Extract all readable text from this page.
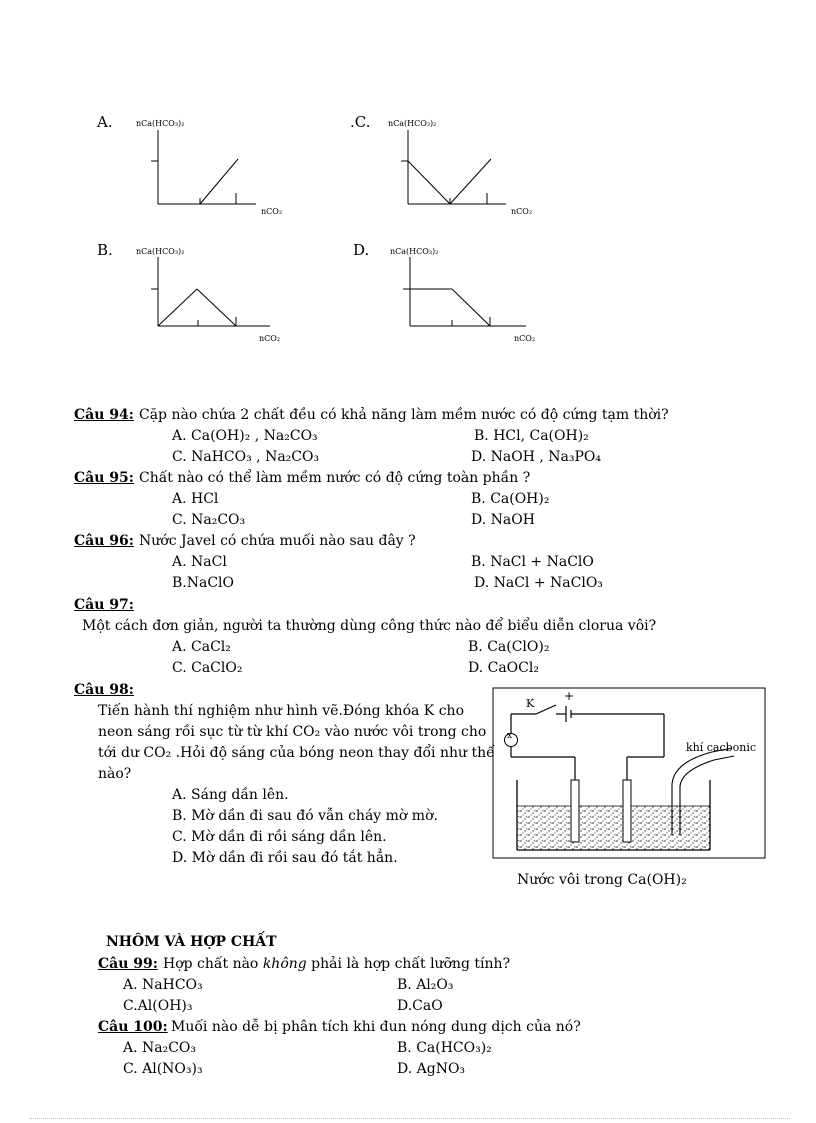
A.	nCa(HCO₃)₂
nCO₂
.C. nCa(HCO₃)₂
nCO₂
B.	nCa(HCO₃)₂
nCO₂
D.	nCa(HCO₃)₂
nCO₂
Câu 94: Cặp nào chứa 2 chất đều có khả năng làm mềm nước có độ cứng tạm thời?
A. Ca(OH)₂ , Na₂CO₃	B. HCl, Ca(OH)₂
C. NaHCO₃ , Na₂CO₃	D. NaOH , Na₃PO₄
Câu 95: Chất nào có thể làm mềm nước có độ cứng toàn phần ?
A. HCl	B. Ca(OH)₂
C. Na₂CO₃	D. NaOH
Câu 96: Nước Javel có chứa muối nào sau đây ?
A. NaCl	B. NaCl + NaClO
B.NaClO	D. NaCl + NaClO₃
Câu 97:
Một cách đơn giản, người ta thường dùng công thức nào để biểu diễn clorua vôi?
A. CaCl₂	B. Ca(ClO)₂
C. CaClO₂	D. CaOCl₂
Câu 98:
Tiến hành thí nghiệm như hình vẽ.Đóng khóa K cho
neon sáng rồi sục từ từ khí CO₂ vào nước vôi trong cho
tới dư CO₂ .Hỏi độ sáng của bóng neon thay đổi như thế
nào?
A. Sáng dần lên.
B. Mờ dần đi sau đó vẫn cháy mờ mờ.
C. Mờ dần đi rồi sáng dần lên.
D. Mờ dần đi rồi sau đó tắt hẳn.
K
+
x
khí cacbonic
Nước vôi trong Ca(OH)₂
NHÔM VÀ HỢP CHẤT
Câu 99: Hợp chất nào không phải là hợp chất lưỡng tính?
A. NaHCO₃	B. Al₂O₃
C.Al(OH)₃	D.CaO
Câu 100: Muối nào dễ bị phân tích khi đun nóng dung dịch của nó?
A. Na₂CO₃	B. Ca(HCO₃)₂
C. Al(NO₃)₃	D. AgNO₃
